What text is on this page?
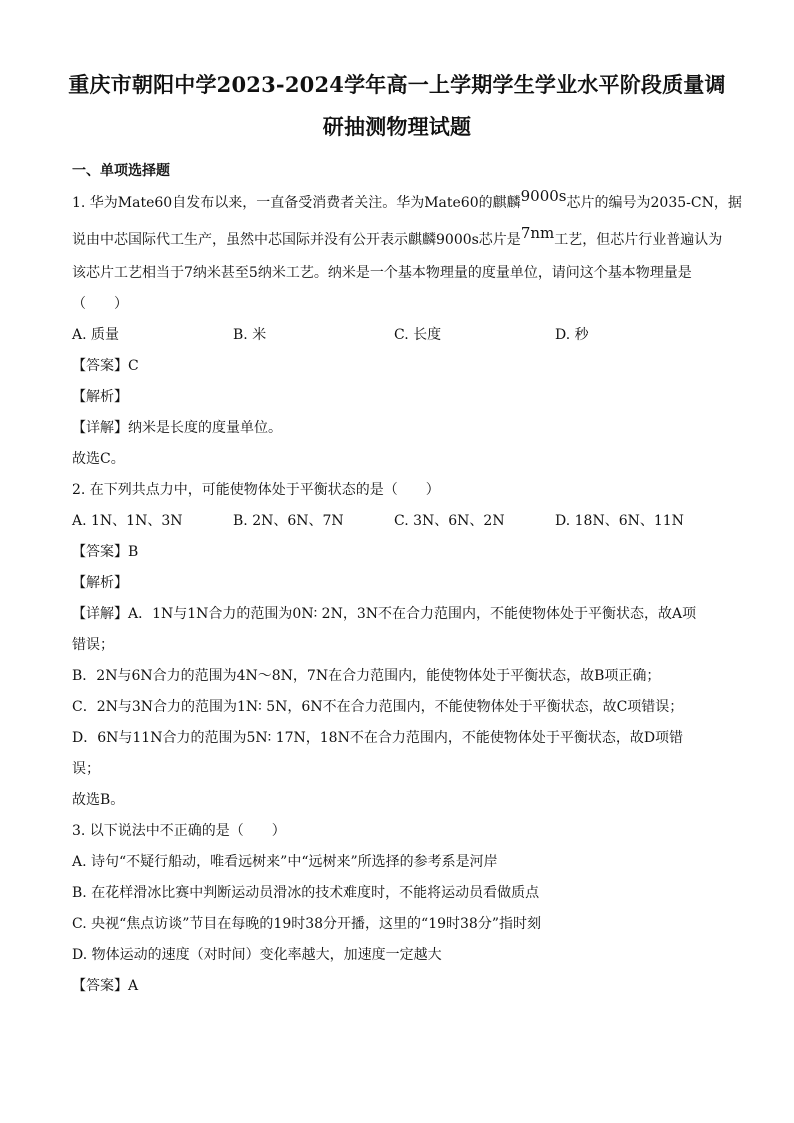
重庆市朝阳中学2023-2024学年高一上学期学生学业水平阶段质量调
研抽测物理试题
一、单项选择题
1. 华为Mate60自发布以来，一直备受消费者关注。华为Mate60的麒麟9000s芯片的编号为2035-CN，据
说由中芯国际代工生产，虽然中芯国际并没有公开表示麒麟9000s芯片是7nm工艺，但芯片行业普遍认为
该芯片工艺相当于7纳米甚至5纳米工艺。纳米是一个基本物理量的度量单位，请问这个基本物理量是
（　　）
A. 质量	B. 米	C. 长度	D. 秒
【答案】C
【解析】
【详解】纳米是长度的度量单位。
故选C。
2. 在下列共点力中，可能使物体处于平衡状态的是（　　）
A. 1N、1N、3N	B. 2N、6N、7N	C. 3N、6N、2N	D. 18N、6N、11N
【答案】B
【解析】
【详解】A．1N与1N合力的范围为0N∶ 2N，3N不在合力范围内，不能使物体处于平衡状态，故A项
错误；
B．2N与6N合力的范围为4N～8N，7N在合力范围内，能使物体处于平衡状态，故B项正确；
C．2N与3N合力的范围为1N∶ 5N，6N不在合力范围内，不能使物体处于平衡状态，故C项错误；
D．6N与11N合力的范围为5N∶ 17N，18N不在合力范围内，不能使物体处于平衡状态，故D项错
误；
故选B。
3. 以下说法中不正确的是（　　）
A. 诗句“不疑行船动，唯看远树来”中“远树来”所选择的参考系是河岸
B. 在花样滑冰比赛中判断运动员滑冰的技术难度时，不能将运动员看做质点
C. 央视“焦点访谈”节目在每晚的19时38分开播，这里的“19时38分”指时刻
D. 物体运动的速度（对时间）变化率越大，加速度一定越大
【答案】A
